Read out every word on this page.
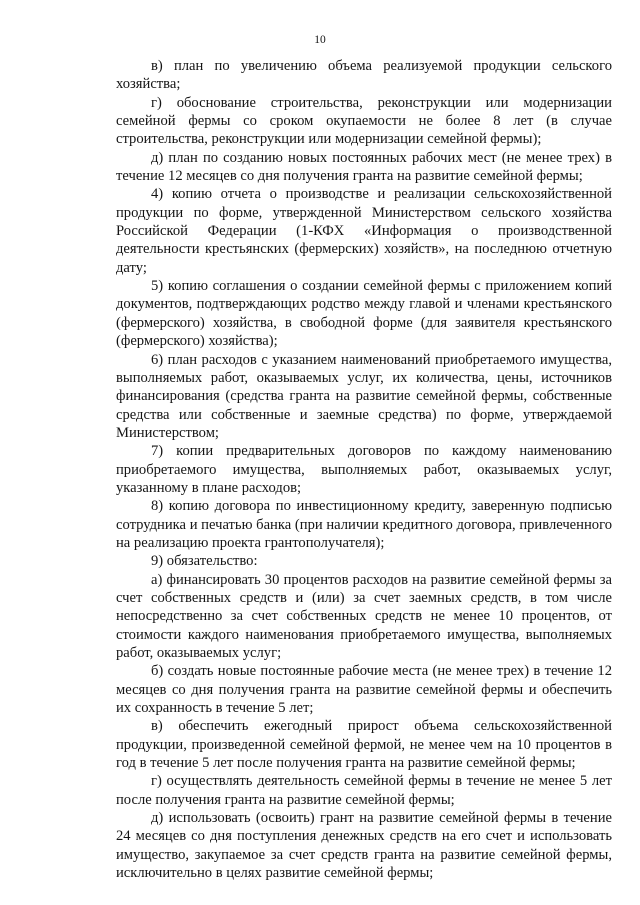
10

в) план по увеличению объема реализуемой продукции сельского хозяйства;

г) обоснование строительства, реконструкции или модернизации семейной фермы со сроком окупаемости не более 8 лет (в случае строительства, реконструкции или модернизации семейной фермы);

д) план по созданию новых постоянных рабочих мест (не менее трех) в течение 12 месяцев со дня получения гранта на развитие семейной фермы;

4) копию отчета о производстве и реализации сельскохозяйственной продукции по форме, утвержденной Министерством сельского хозяйства Российской Федерации (1-КФХ «Информация о производственной деятельности крестьянских (фермерских) хозяйств», на последнюю отчетную дату;

5) копию соглашения о создании семейной фермы с приложением копий документов, подтверждающих родство между главой и членами крестьянского (фермерского) хозяйства, в свободной форме (для заявителя крестьянского (фермерского) хозяйства);

6) план расходов с указанием наименований приобретаемого имущества, выполняемых работ, оказываемых услуг, их количества, цены, источников финансирования (средства гранта на развитие семейной фермы, собственные средства или собственные и заемные средства) по форме, утверждаемой Министерством;

7) копии предварительных договоров по каждому наименованию приобретаемого имущества, выполняемых работ, оказываемых услуг, указанному в плане расходов;

8) копию договора по инвестиционному кредиту, заверенную подписью сотрудника и печатью банка (при наличии кредитного договора, привлеченного на реализацию проекта грантополучателя);

9) обязательство:

а) финансировать 30 процентов расходов на развитие семейной фермы за счет собственных средств и (или) за счет заемных средств, в том числе непосредственно за счет собственных средств не менее 10 процентов, от стоимости каждого наименования приобретаемого имущества, выполняемых работ, оказываемых услуг;

б) создать новые постоянные рабочие места (не менее трех) в течение 12 месяцев со дня получения гранта на развитие семейной фермы и обеспечить их сохранность в течение 5 лет;

в) обеспечить ежегодный прирост объема сельскохозяйственной продукции, произведенной семейной фермой, не менее чем на 10 процентов в год в течение 5 лет после получения гранта на развитие семейной фермы;

г) осуществлять деятельность семейной фермы в течение не менее 5 лет после получения гранта на развитие семейной фермы;

д) использовать (освоить) грант на развитие семейной фермы в течение 24 месяцев со дня поступления денежных средств на его счет и использовать имущество, закупаемое за счет средств гранта на развитие семейной фермы, исключительно в целях развитие семейной фермы;
